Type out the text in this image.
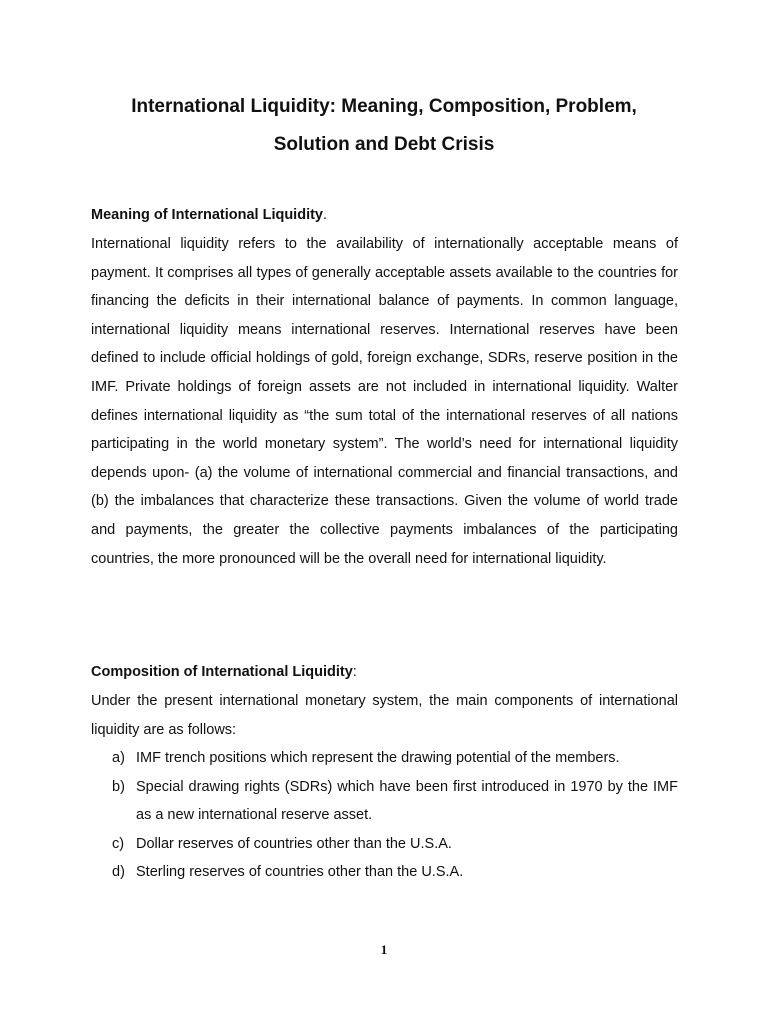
International Liquidity: Meaning, Composition, Problem,
Solution and Debt Crisis

Meaning of International Liquidity.

International liquidity refers to the availability of internationally acceptable means of payment. It comprises all types of generally acceptable assets available to the countries for financing the deficits in their international balance of payments. In common language, international liquidity means international reserves. International reserves have been defined to include official holdings of gold, foreign exchange, SDRs, reserve position in the IMF. Private holdings of foreign assets are not included in international liquidity. Walter defines international liquidity as “the sum total of the international reserves of all nations participating in the world monetary system”. The world’s need for international liquidity depends upon- (a) the volume of international commercial and financial transactions, and (b) the imbalances that characterize these transactions. Given the volume of world trade and payments, the greater the collective payments imbalances of the participating countries, the more pronounced will be the overall need for international liquidity.

Composition of International Liquidity:

Under the present international monetary system, the main components of international liquidity are as follows:

a) IMF trench positions which represent the drawing potential of the members.
b) Special drawing rights (SDRs) which have been first introduced in 1970 by the IMF as a new international reserve asset.
c) Dollar reserves of countries other than the U.S.A.
d) Sterling reserves of countries other than the U.S.A.

1
